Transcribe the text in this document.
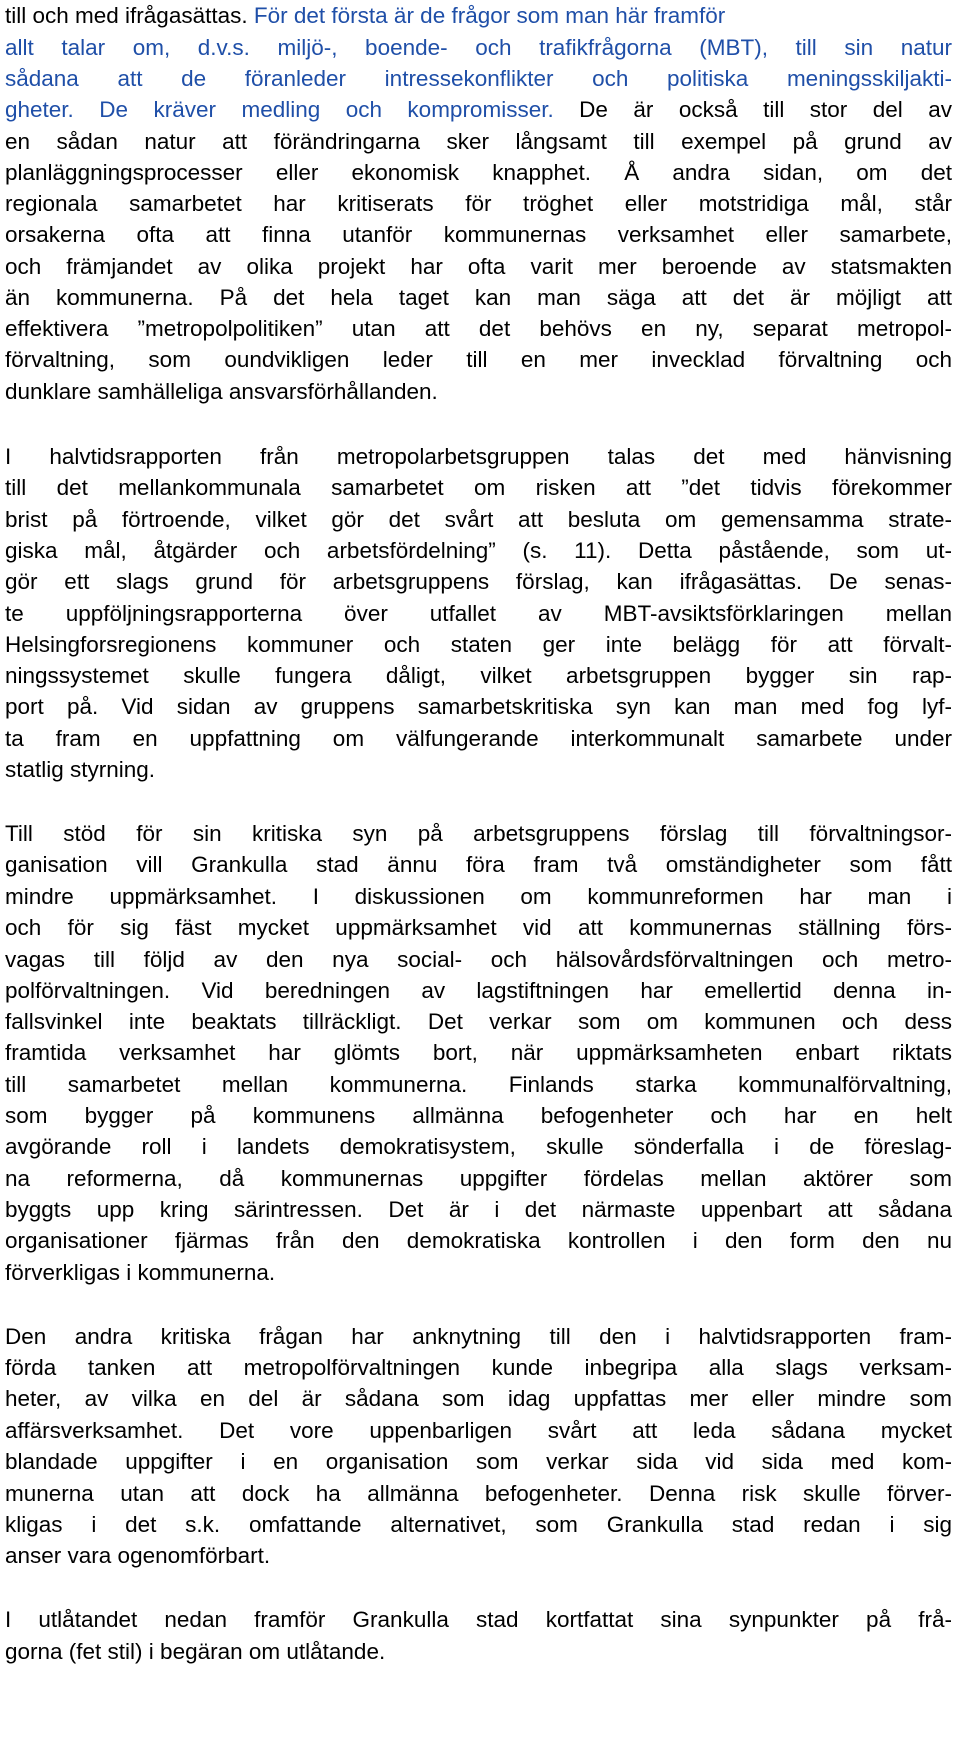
till och med ifrågasättas. För det första är de frågor som man här framför
allt talar om, d.v.s. miljö-, boende- och trafikfrågorna (MBT), till sin natur
sådana att de föranleder intressekonflikter och politiska meningsskiljakti-
gheter. De kräver medling och kompromisser. De är också till stor del av
en sådan natur att förändringarna sker långsamt till exempel på grund av
planläggningsprocesser eller ekonomisk knapphet. Å andra sidan, om det
regionala samarbetet har kritiserats för tröghet eller motstridiga mål, står
orsakerna ofta att finna utanför kommunernas verksamhet eller samarbete,
och främjandet av olika projekt har ofta varit mer beroende av statsmakten
än kommunerna. På det hela taget kan man säga att det är möjligt att
effektivera ”metropolpolitiken” utan att det behövs en ny, separat metropol-
förvaltning, som oundvikligen leder till en mer invecklad förvaltning och
dunklare samhälleliga ansvarsförhållanden.
I halvtidsrapporten från metropolarbetsgruppen talas det med hänvisning
till det mellankommunala samarbetet om risken att ”det tidvis förekommer
brist på förtroende, vilket gör det svårt att besluta om gemensamma strate-
giska mål, åtgärder och arbetsfördelning” (s. 11). Detta påstående, som ut-
gör ett slags grund för arbetsgruppens förslag, kan ifrågasättas. De senas-
te uppföljningsrapporterna över utfallet av MBT-avsiktsförklaringen mellan
Helsingforsregionens kommuner och staten ger inte belägg för att förvalt-
ningssystemet skulle fungera dåligt, vilket arbetsgruppen bygger sin rap-
port på. Vid sidan av gruppens samarbetskritiska syn kan man med fog lyf-
ta fram en uppfattning om välfungerande interkommunalt samarbete under
statlig styrning.
Till stöd för sin kritiska syn på arbetsgruppens förslag till förvaltningsor-
ganisation vill Grankulla stad ännu föra fram två omständigheter som fått
mindre uppmärksamhet. I diskussionen om kommunreformen har man i
och för sig fäst mycket uppmärksamhet vid att kommunernas ställning förs-
vagas till följd av den nya social- och hälsovårdsförvaltningen och metro-
polförvaltningen. Vid beredningen av lagstiftningen har emellertid denna in-
fallsvinkel inte beaktats tillräckligt. Det verkar som om kommunen och dess
framtida verksamhet har glömts bort, när uppmärksamheten enbart riktats
till samarbetet mellan kommunerna. Finlands starka kommunalförvaltning,
som bygger på kommunens allmänna befogenheter och har en helt
avgörande roll i landets demokratisystem, skulle sönderfalla i de föreslag-
na reformerna, då kommunernas uppgifter fördelas mellan aktörer som
byggts upp kring särintressen. Det är i det närmaste uppenbart att sådana
organisationer fjärmas från den demokratiska kontrollen i den form den nu
förverkligas i kommunerna.
Den andra kritiska frågan har anknytning till den i halvtidsrapporten fram-
förda tanken att metropolförvaltningen kunde inbegripa alla slags verksam-
heter, av vilka en del är sådana som idag uppfattas mer eller mindre som
affärsverksamhet. Det vore uppenbarligen svårt att leda sådana mycket
blandade uppgifter i en organisation som verkar sida vid sida med kom-
munerna utan att dock ha allmänna befogenheter. Denna risk skulle förver-
kligas i det s.k. omfattande alternativet, som Grankulla stad redan i sig
anser vara ogenomförbart.
I utlåtandet nedan framför Grankulla stad kortfattat sina synpunkter på frå-
gorna (fet stil) i begäran om utlåtande.
